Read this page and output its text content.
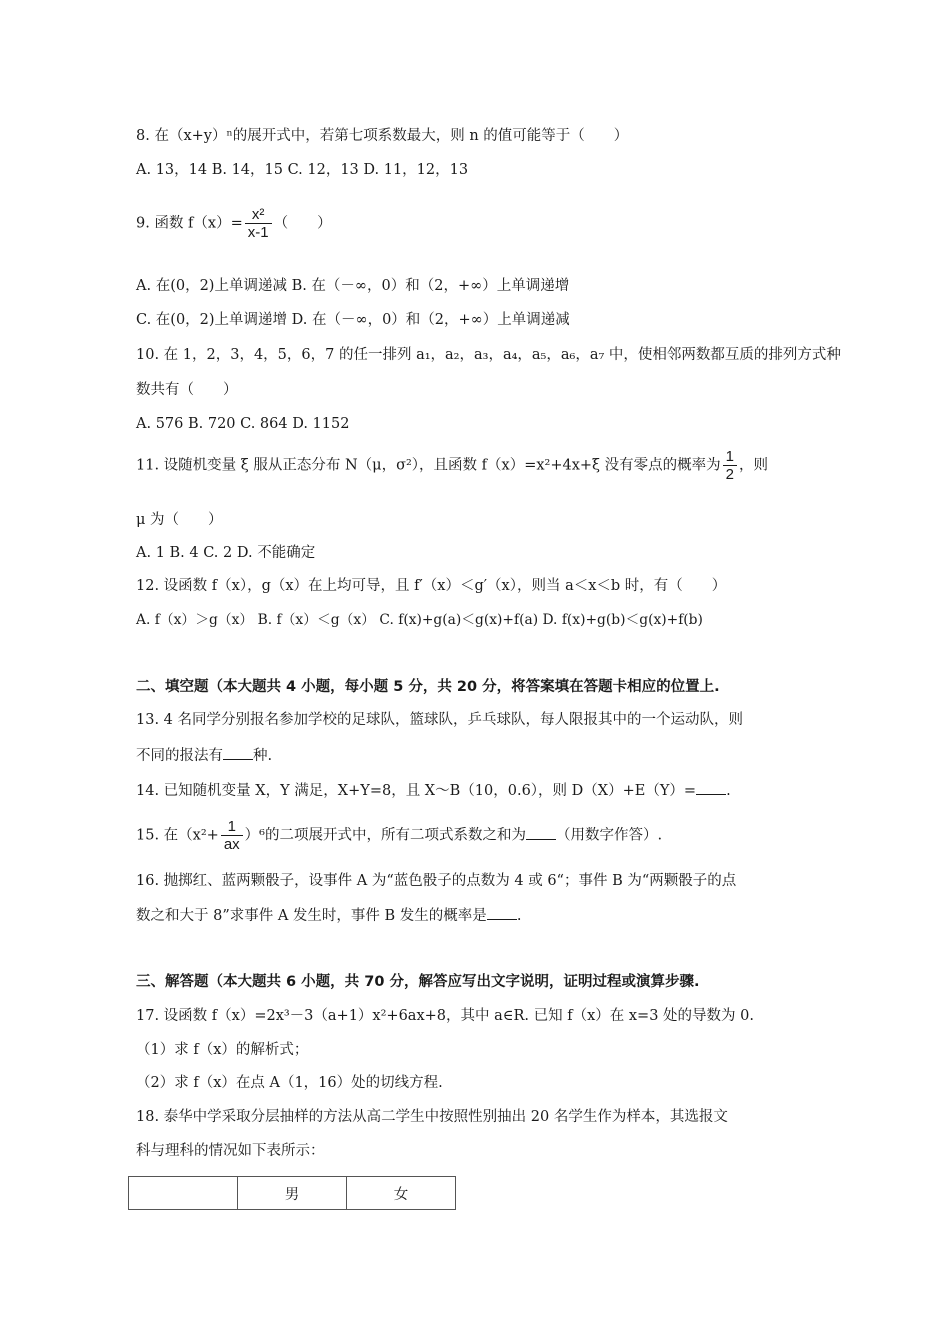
8. 在（x+y）ⁿ的展开式中，若第七项系数最大，则 n 的值可能等于（　　）
A. 13，14 B. 14，15 C. 12，13 D. 11，12，13
9. 函数 $f(x)= \frac{\text{x²}}{x-1}$ （　　）
A. 在(0，2)上单调递减 B. 在（－∞，0）和（2，+∞）上单调递增
C. 在(0，2)上单调递增 D. 在（－∞，0）和（2，+∞）上单调递减
10. 在 1，2，3，4，5，6，7 的任一排列 a₁，a₂，a₃，a₄，a₅，a₆，a₇ 中，使相邻两数都互质的排列方式种
数共有（　　）
A. 576 B. 720 C. 864 D. 1152
11. 设随机变量 ξ 服从正态分布 N（μ，σ²），且函数 f（x）=x²+4x+ξ 没有零点的概率为 $\frac{1}{2}$ ，则
μ 为（　　）
A. 1 B. 4 C. 2 D. 不能确定
12. 设函数 f（x），g（x）在上均可导，且 f′（x）＜g′（x），则当 a＜x＜b 时，有（　　）
A. f（x）＞g（x） B. f（x）＜g（x） C. f(x)+g(a)＜g(x)+f(a) D. f(x)+g(b)＜g(x)+f(b)
二、填空题（本大题共 4 小题，每小题 5 分，共 20 分，将答案填在答题卡相应的位置上.
13. 4 名同学分别报名参加学校的足球队，篮球队，乒乓球队，每人限报其中的一个运动队，则
不同的报法有 种.
14. 已知随机变量 X，Y 满足，X+Y=8，且 X～B（10，0.6），则 D（X）+E（Y）= .
15. 在$(x^2+ \frac{1}{ax} )^6$的二项展开式中，所有二项式系数之和为 （用数字作答）.
16. 抛掷红、蓝两颗骰子，设事件 A 为“蓝色骰子的点数为 4 或 6“；事件 B 为“两颗骰子的点
数之和大于 8”求事件 A 发生时，事件 B 发生的概率是 .
三、解答题（本大题共 6 小题，共 70 分，解答应写出文字说明，证明过程或演算步骤.
17. 设函数 f（x）=2x³－3（a+1）x²+6ax+8，其中 a∈R. 已知 f（x）在 x=3 处的导数为 0.
（1）求 f（x）的解析式；
（2）求 f（x）在点 A（1，16）处的切线方程.
18. 泰华中学采取分层抽样的方法从高二学生中按照性别抽出 20 名学生作为样本，其选报文
科与理科的情况如下表所示：
	男	女
